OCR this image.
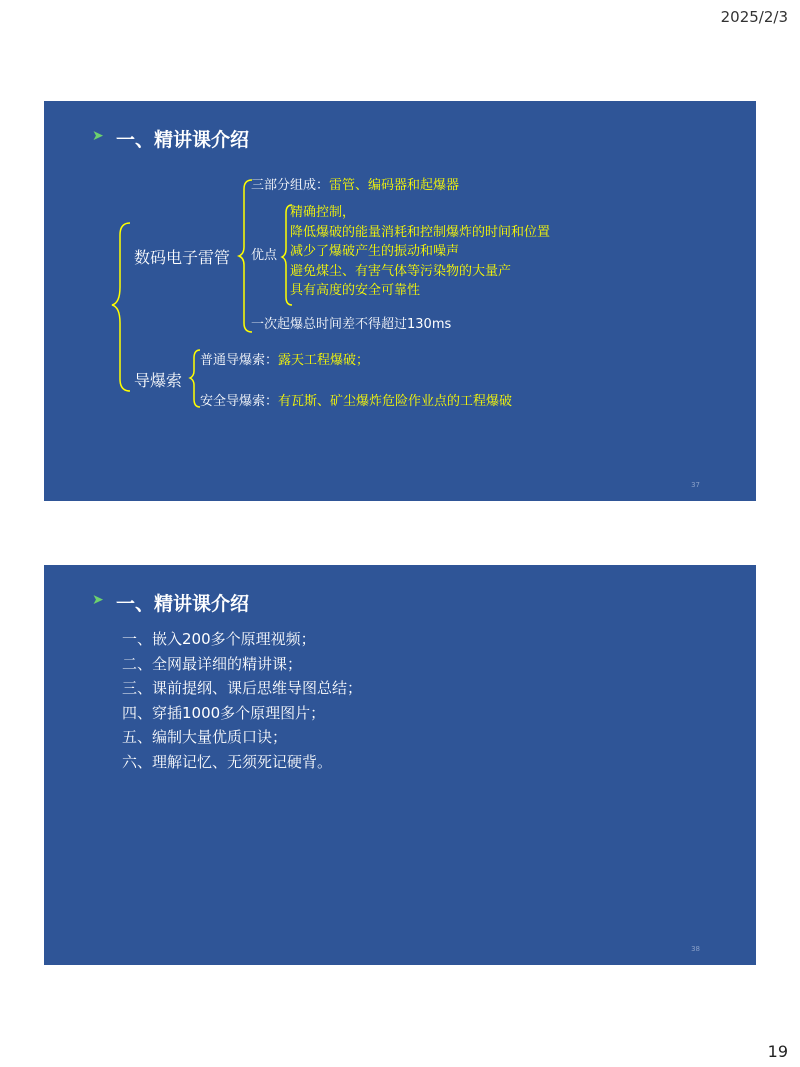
2025/2/3
➤ 一、精讲课介绍
数码电子雷管
三部分组成：雷管、编码器和起爆器
优点
精确控制，
降低爆破的能量消耗和控制爆炸的时间和位置
减少了爆破产生的振动和噪声
避免煤尘、有害气体等污染物的大量产
具有高度的安全可靠性
一次起爆总时间差不得超过130ms
导爆索
普通导爆索：露天工程爆破；
安全导爆索：有瓦斯、矿尘爆炸危险作业点的工程爆破
37
➤ 一、精讲课介绍
一、嵌入200多个原理视频；
二、全网最详细的精讲课；
三、课前提纲、课后思维导图总结；
四、穿插1000多个原理图片；
五、编制大量优质口诀；
六、理解记忆、无须死记硬背。
38
19
